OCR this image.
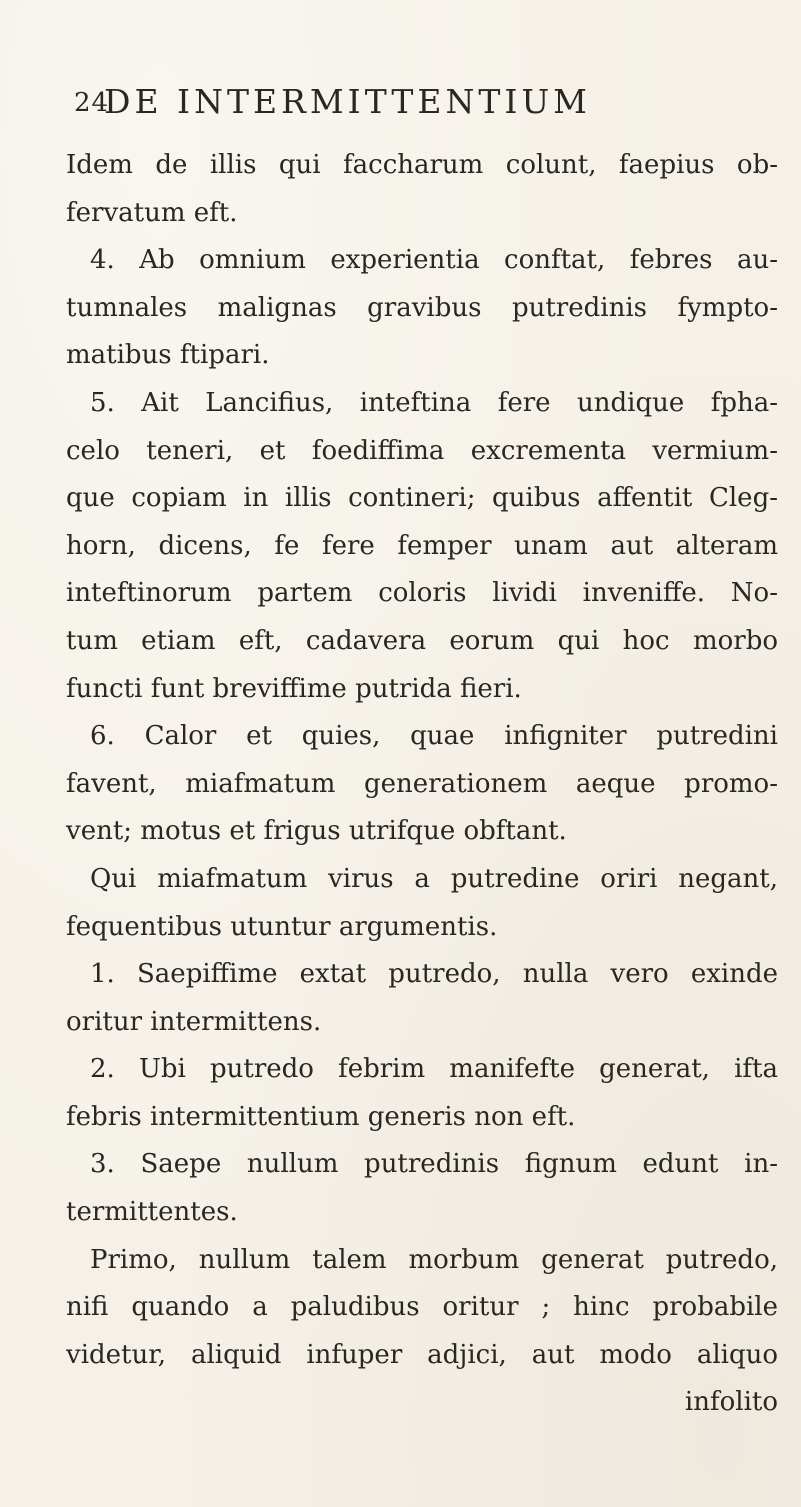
24
DE INTERMITTENTIUM
Idem de illis qui faccharum colunt, faepius ob-
fervatum eft.
4. Ab omnium experientia conftat, febres au-
tumnales malignas gravibus putredinis fympto-
matibus ftipari.
5. Ait Lancifius, inteftina fere undique fpha-
celo teneri, et foediffima excrementa vermium-
que copiam in illis contineri; quibus affentit Cleg-
horn, dicens, fe fere femper unam aut alteram
inteftinorum partem coloris lividi inveniffe. No-
tum etiam eft, cadavera eorum qui hoc morbo
functi funt breviffime putrida fieri.
6. Calor et quies, quae infigniter putredini
favent, miafmatum generationem aeque promo-
vent; motus et frigus utrifque obftant.
Qui miafmatum virus a putredine oriri negant,
fequentibus utuntur argumentis.
1. Saepiffime extat putredo, nulla vero exinde
oritur intermittens.
2. Ubi putredo febrim manifefte generat, ifta
febris intermittentium generis non eft.
3. Saepe nullum putredinis fignum edunt in-
termittentes.
Primo, nullum talem morbum generat putredo,
nifi quando a paludibus oritur ; hinc probabile
videtur, aliquid infuper adjici, aut modo aliquo
infolito
